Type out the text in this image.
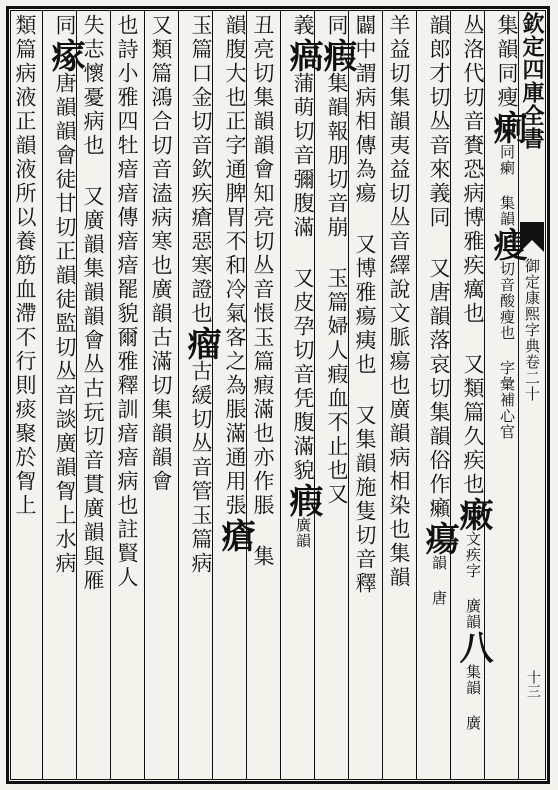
欽定四庫全書
御定康熙字典卷二十
十三
集韻同瘦瘌同瘌 集韻瘦切音酸瘦也 字彙補心官
丛洛代切音賚恐病博雅疾癘也 又類篇久疾也瘷文疾字 廣韻八集韻 廣
韻郎才切丛音來義同 又唐韻落哀切集韻俗作癩瘍韻 唐
羊益切集韻夷益切丛音繹說文脈瘍也廣韻病相染也集韻
闢中謂病相傳為瘍 又博雅瘍痍也 又集韻施隻切音釋
同瘕集韻報朋切音崩 玉篇婦人瘕血不止也又
義瘑蒲萌切音彌腹滿 又皮孕切音凭腹滿貌瘕廣韻
丑亮切集韻韻會知亮切丛音悵玉篇瘕滿也亦作脹 集
韻腹大也正字通脾胃不和冷氣客之為脹滿通用張瘡
玉篇口金切音欽疾瘡惡寒證也瘤古緩切丛音管玉篇病
又類篇鴻合切音溘病寒也廣韻古滿切集韻韻會
也詩小雅四牡瘖瘖傳瘖瘖罷貌爾雅釋訓瘖瘖病也註賢人
失志懷憂病也 又廣韻集韻韻會丛古玩切音貫廣韻與雁
同瘃唐韻韻會徒甘切正韻徒監切丛音談廣韻胷上水病
類篇病液正韻液所以養筋血滯不行則痰聚於胷上
